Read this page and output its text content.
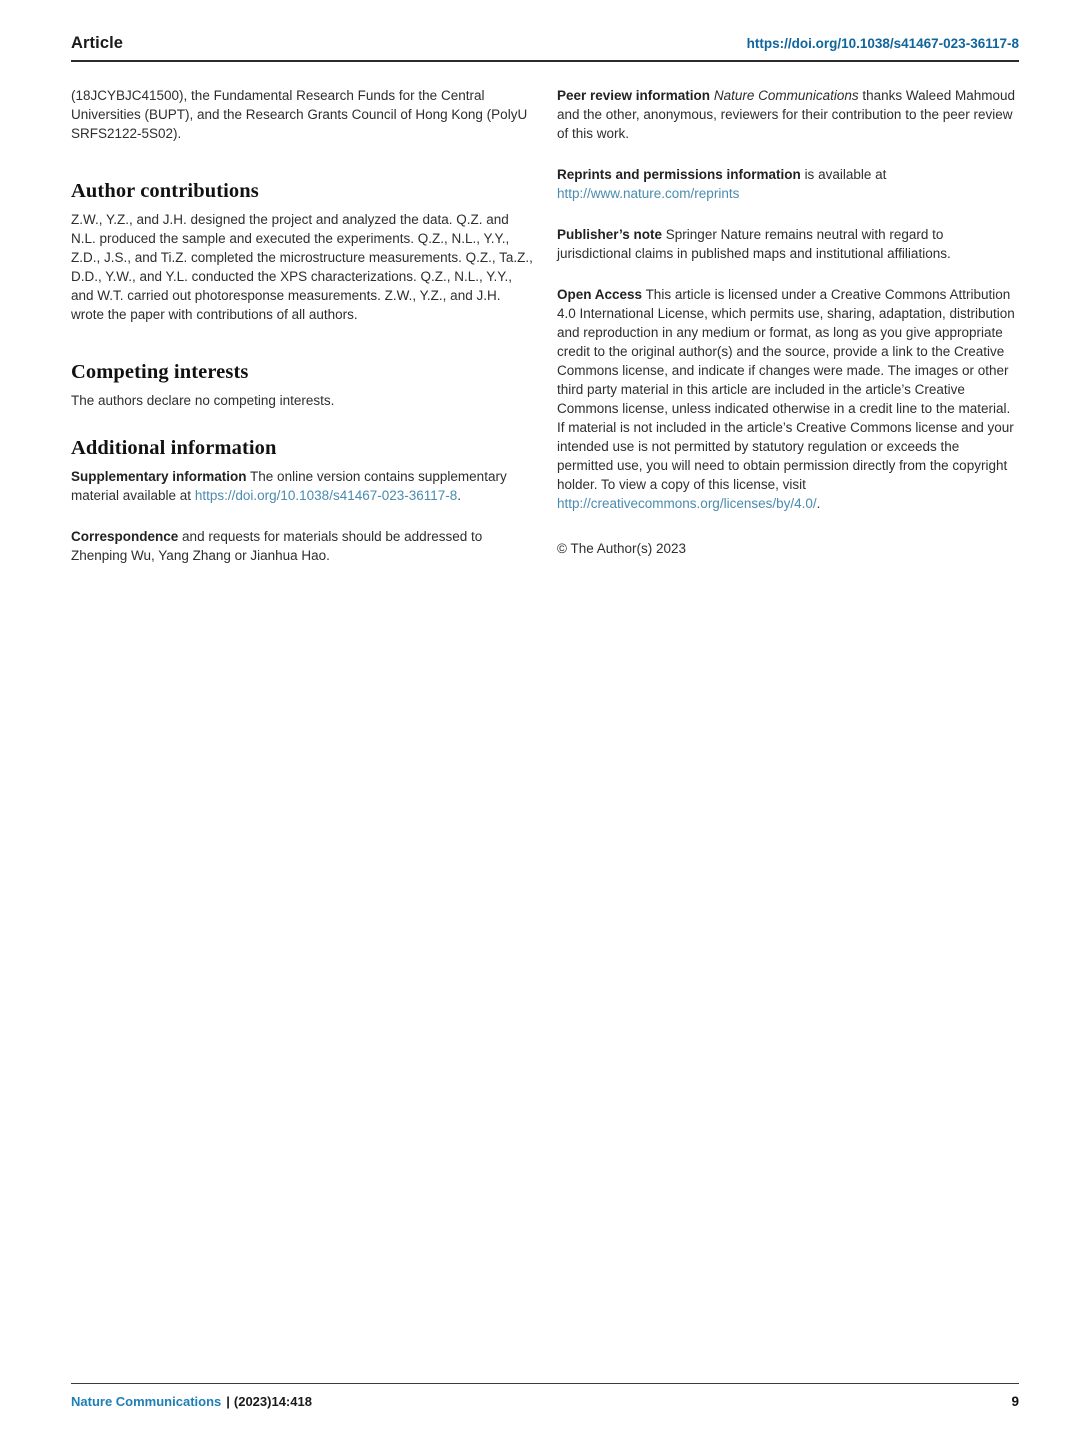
Article	https://doi.org/10.1038/s41467-023-36117-8

(18JCYBJC41500), the Fundamental Research Funds for the Central Universities (BUPT), and the Research Grants Council of Hong Kong (PolyU SRFS2122-5S02).

Author contributions

Z.W., Y.Z., and J.H. designed the project and analyzed the data. Q.Z. and N.L. produced the sample and executed the experiments. Q.Z., N.L., Y.Y., Z.D., J.S., and Ti.Z. completed the microstructure measurements. Q.Z., Ta.Z., D.D., Y.W., and Y.L. conducted the XPS characterizations. Q.Z., N.L., Y.Y., and W.T. carried out photoresponse measurements. Z.W., Y.Z., and J.H. wrote the paper with contributions of all authors.

Competing interests

The authors declare no competing interests.

Additional information

Supplementary information The online version contains supplementary material available at https://doi.org/10.1038/s41467-023-36117-8.

Correspondence and requests for materials should be addressed to Zhenping Wu, Yang Zhang or Jianhua Hao.

Peer review information Nature Communications thanks Waleed Mahmoud and the other, anonymous, reviewers for their contribution to the peer review of this work.

Reprints and permissions information is available at http://www.nature.com/reprints

Publisher’s note Springer Nature remains neutral with regard to jurisdictional claims in published maps and institutional affiliations.

Open Access This article is licensed under a Creative Commons Attribution 4.0 International License, which permits use, sharing, adaptation, distribution and reproduction in any medium or format, as long as you give appropriate credit to the original author(s) and the source, provide a link to the Creative Commons license, and indicate if changes were made. The images or other third party material in this article are included in the article’s Creative Commons license, unless indicated otherwise in a credit line to the material. If material is not included in the article’s Creative Commons license and your intended use is not permitted by statutory regulation or exceeds the permitted use, you will need to obtain permission directly from the copyright holder. To view a copy of this license, visit http://creativecommons.org/licenses/by/4.0/.

© The Author(s) 2023

Nature Communications | (2023)14:418	9
